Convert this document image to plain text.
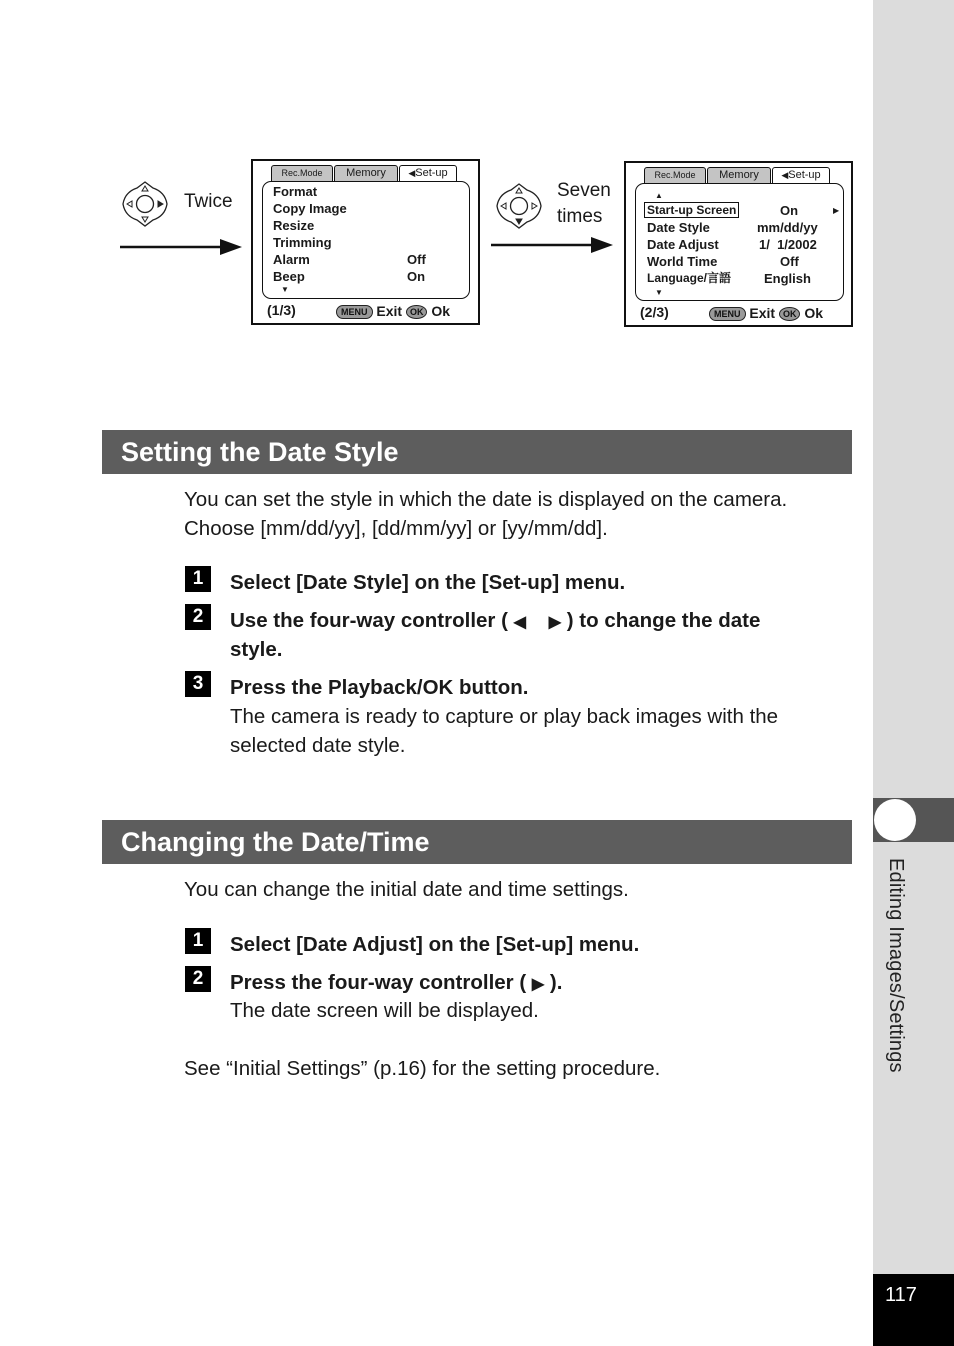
Editing Images/Settings
117
Twice
Rec.Mode	Memory	◀Set-up
Format
Copy Image
Resize
Trimming
Alarm	Off
Beep	On
▼
(1/3)	MENU Exit OK Ok
Seven
times
Rec.Mode	Memory	◀Set-up
▲
Start-up Screen	On	▶
Date Style	mm/dd/yy
Date Adjust	1/  1/2002
World Time	Off
Language/言語	English
▼
(2/3)	MENU Exit OK Ok
Setting the Date Style
You can set the style in which the date is displayed on the camera.
Choose [mm/dd/yy], [dd/mm/yy] or [yy/mm/dd].
1	Select [Date Style] on the [Set-up] menu.
2	Use the four-way controller ( ◀ ▶ ) to change the date
style.
3	Press the Playback/OK button.
The camera is ready to capture or play back images with the
selected date style.
Changing the Date/Time
You can change the initial date and time settings.
1	Select [Date Adjust] on the [Set-up] menu.
2	Press the four-way controller ( ▶ ).
The date screen will be displayed.
See “Initial Settings” (p.16) for the setting procedure.
